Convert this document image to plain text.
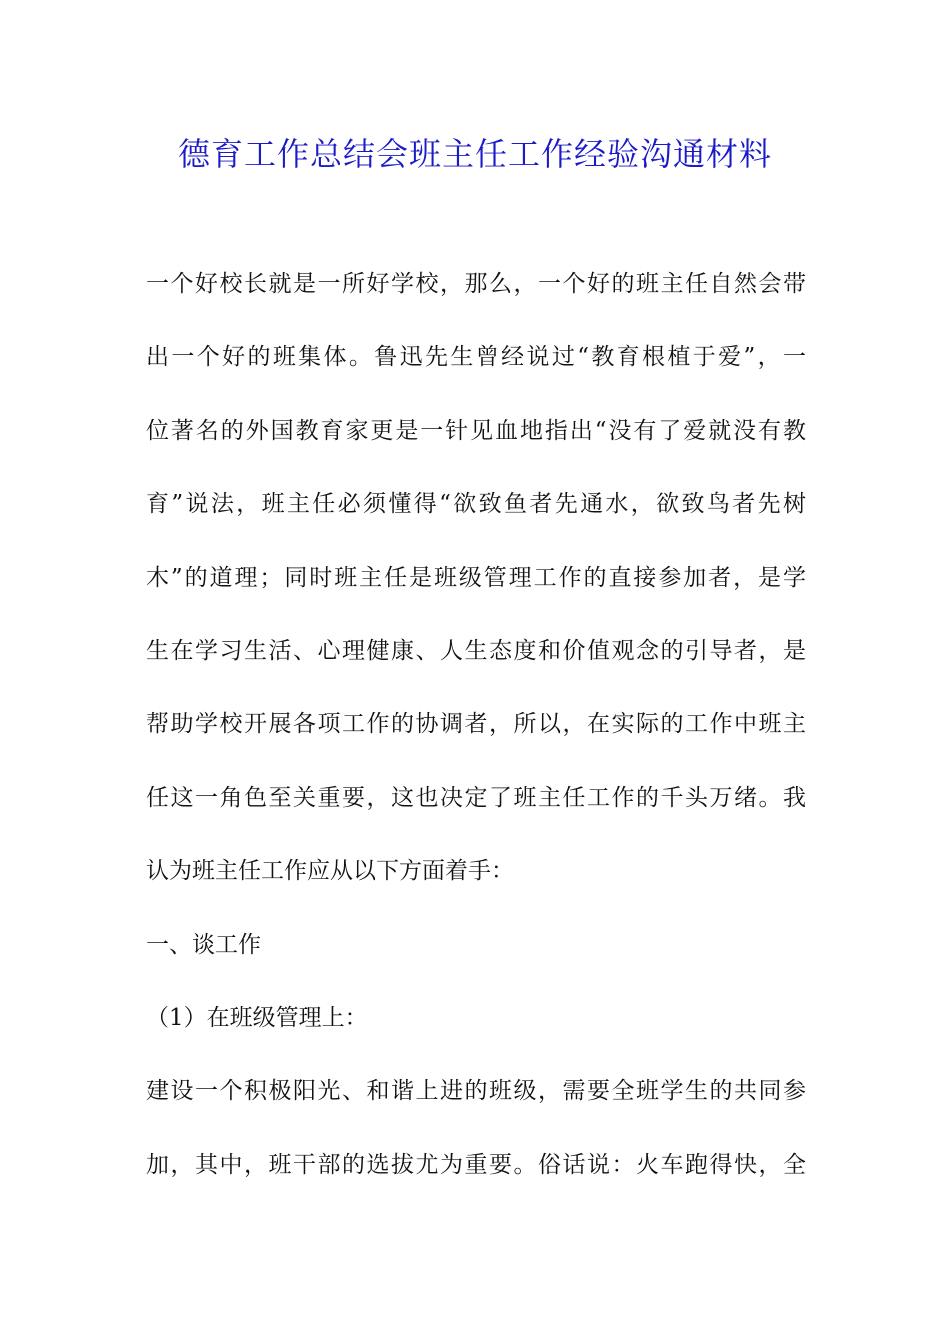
德育工作总结会班主任工作经验沟通材料

一个好校长就是一所好学校，那么，一个好的班主任自然会带

出一个好的班集体。鲁迅先生曾经说过“教育根植于爱”，一

位著名的外国教育家更是一针见血地指出“没有了爱就没有教

育”说法，班主任必须懂得“欲致鱼者先通水，欲致鸟者先树

木”的道理；同时班主任是班级管理工作的直接参加者，是学

生在学习生活、心理健康、人生态度和价值观念的引导者，是

帮助学校开展各项工作的协调者，所以，在实际的工作中班主

任这一角色至关重要，这也决定了班主任工作的千头万绪。我

认为班主任工作应从以下方面着手：

一、谈工作

（1）在班级管理上：

建设一个积极阳光、和谐上进的班级，需要全班学生的共同参

加，其中，班干部的选拔尤为重要。俗话说：火车跑得快，全
